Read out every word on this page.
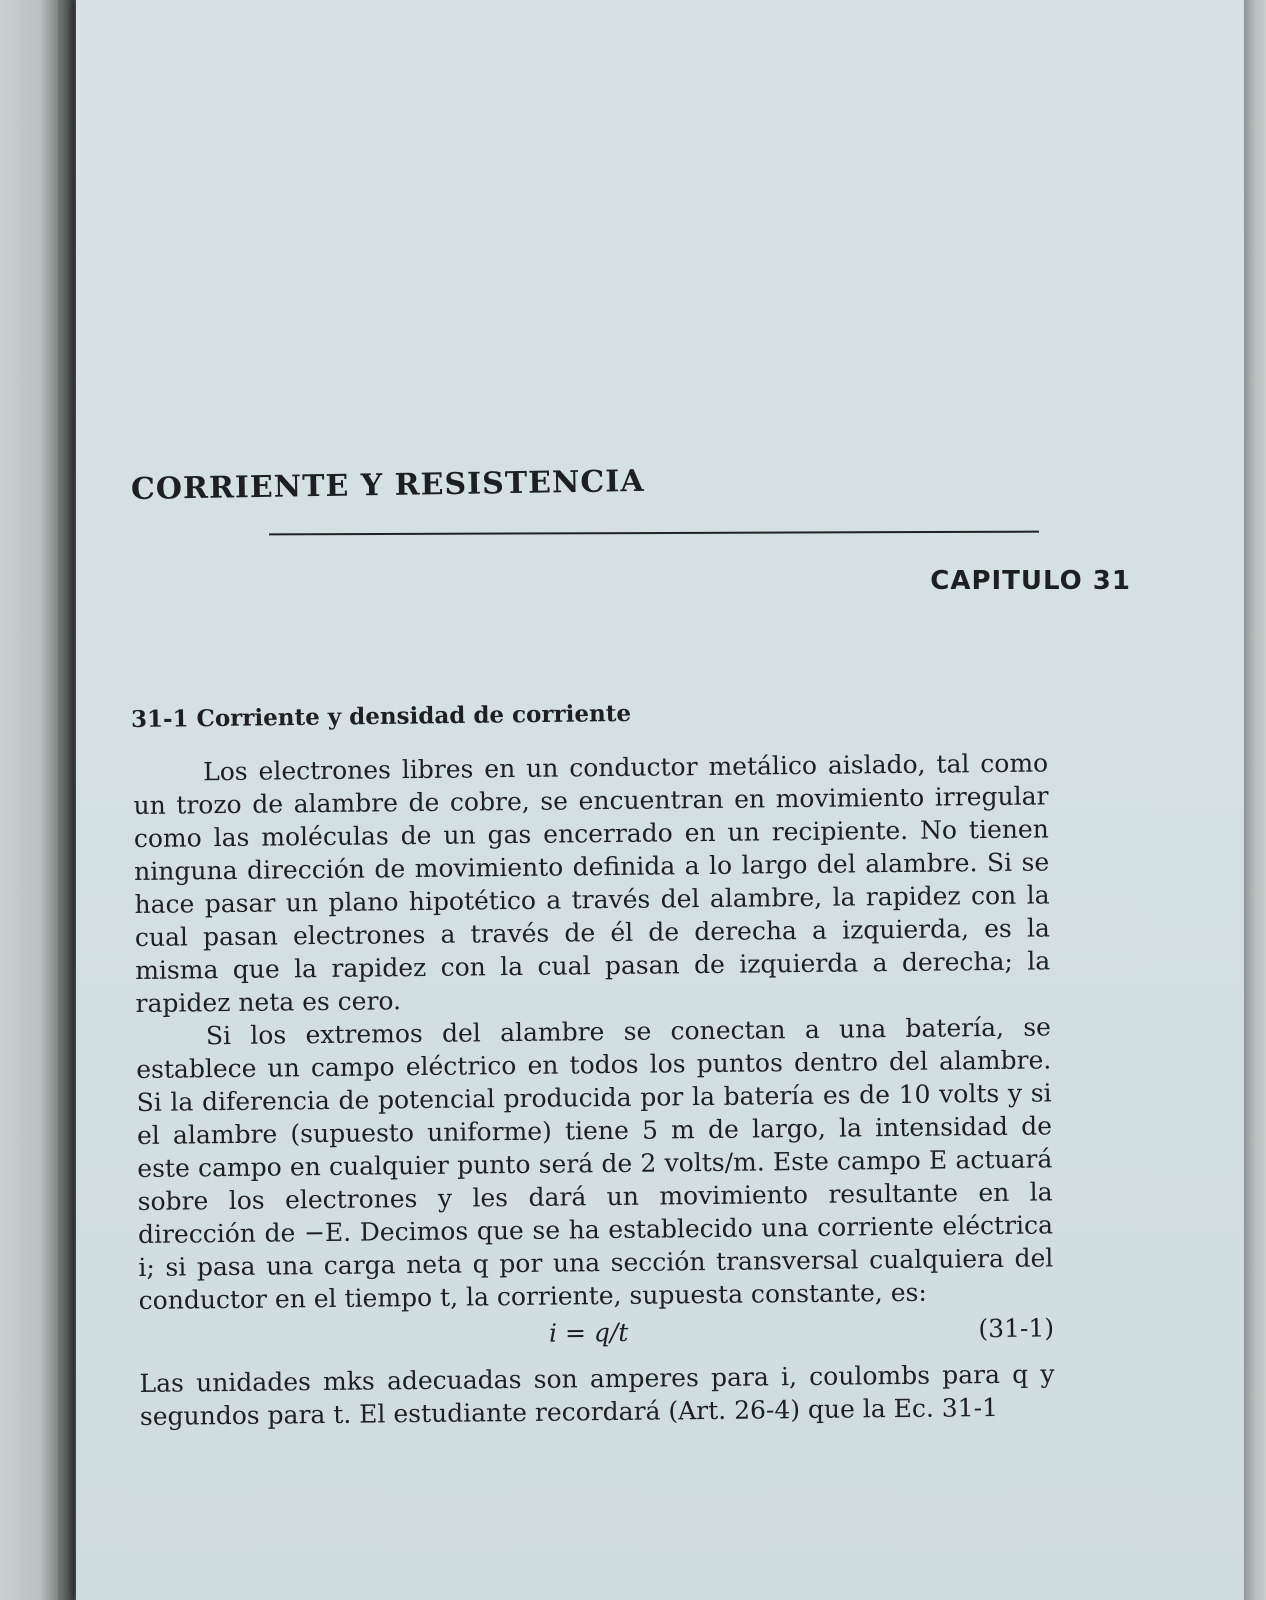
CORRIENTE Y RESISTENCIA
CAPITULO 31
31-1 Corriente y densidad de corriente

Los electrones libres en un conductor metálico aislado, tal como un trozo de alambre de cobre, se encuentran en movimiento irregular como las moléculas de un gas encerrado en un recipiente. No tienen ninguna dirección de movimiento definida a lo largo del alambre. Si se hace pasar un plano hipotético a través del alambre, la rapidez con la cual pasan electrones a través de él de derecha a izquierda, es la misma que la rapidez con la cual pasan de izquierda a derecha; la rapidez neta es cero.

Si los extremos del alambre se conectan a una batería, se establece un campo eléctrico en todos los puntos dentro del alambre. Si la diferencia de potencial producida por la batería es de 10 volts y si el alambre (supuesto uniforme) tiene 5 m de largo, la intensidad de este campo en cualquier punto será de 2 volts/m. Este campo E actuará sobre los electrones y les dará un movimiento resultante en la dirección de −E. Decimos que se ha establecido una corriente eléctrica i; si pasa una carga neta q por una sección transversal cualquiera del conductor en el tiempo t, la corriente, supuesta constante, es:

i = q/t	(31-1)

Las unidades mks adecuadas son amperes para i, coulombs para q y segundos para t. El estudiante recordará (Art. 26-4) que la Ec. 31-1
